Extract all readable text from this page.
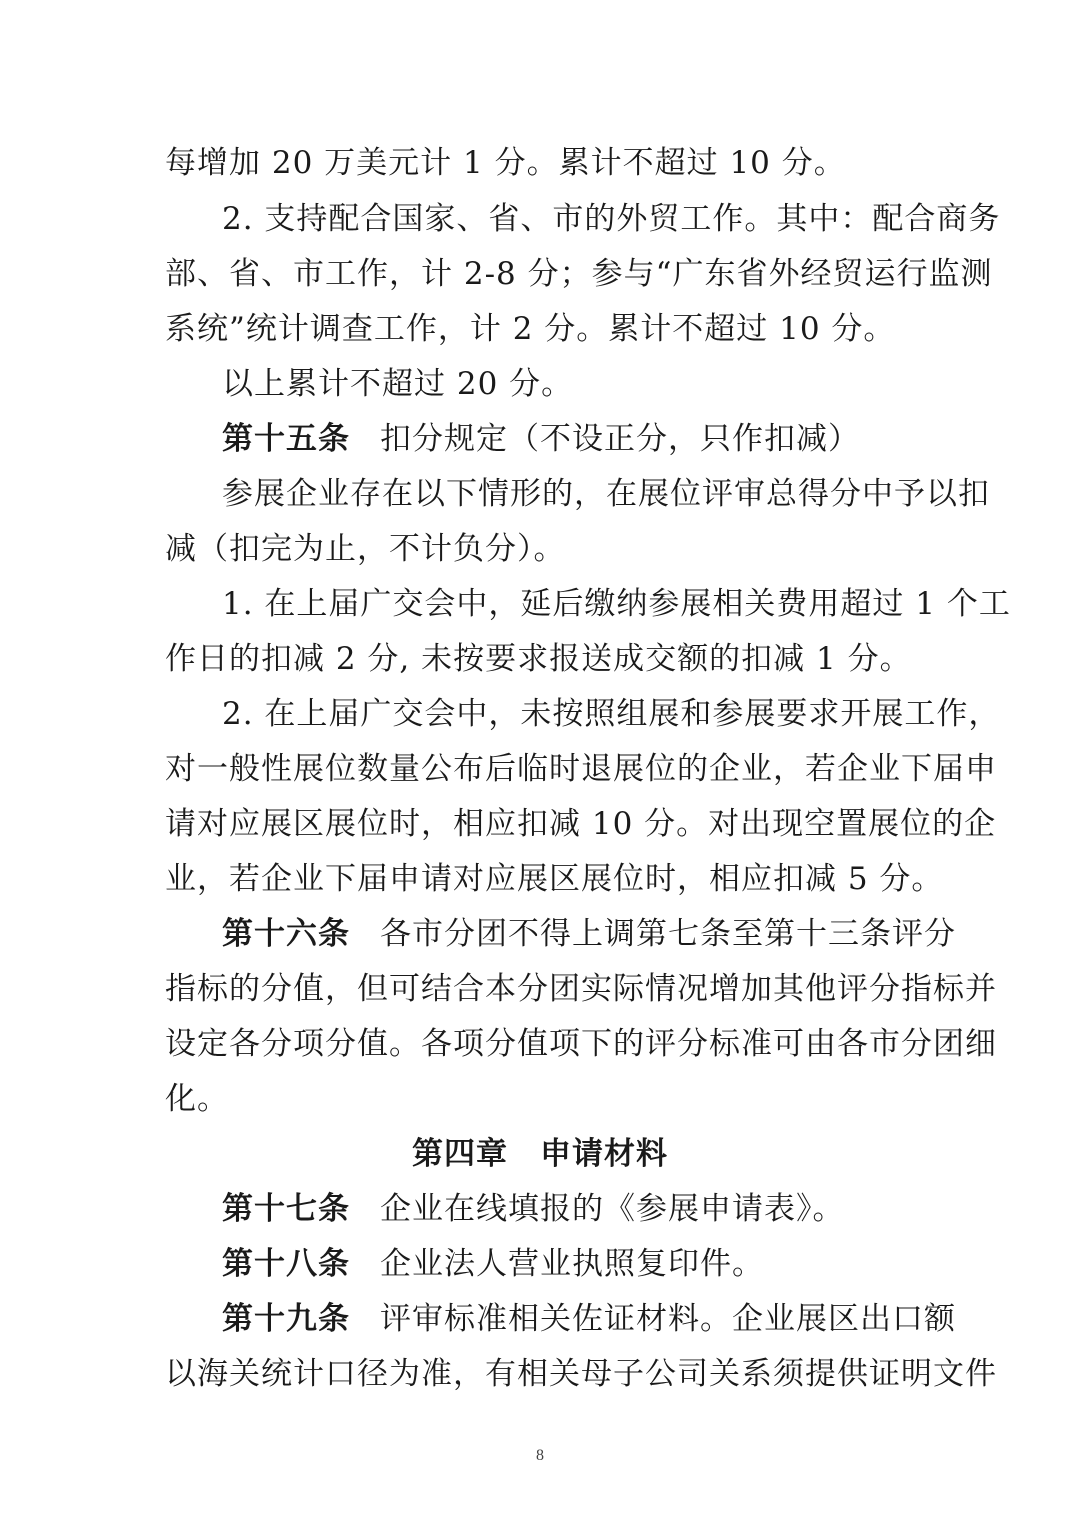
每增加 20 万美元计 1 分。累计不超过 10 分。
2. 支持配合国家、省、市的外贸工作。其中：配合商务
部、省、市工作，计 2-8 分；参与“广东省外经贸运行监测
系统”统计调查工作，计 2 分。累计不超过 10 分。
以上累计不超过 20 分。
第十五条 扣分规定（不设正分，只作扣减）
参展企业存在以下情形的，在展位评审总得分中予以扣
减（扣完为止，不计负分）。
1. 在上届广交会中，延后缴纳参展相关费用超过 1 个工
作日的扣减 2 分, 未按要求报送成交额的扣减 1 分。
2. 在上届广交会中，未按照组展和参展要求开展工作，
对一般性展位数量公布后临时退展位的企业，若企业下届申
请对应展区展位时，相应扣减 10 分。对出现空置展位的企
业，若企业下届申请对应展区展位时，相应扣减 5 分。
第十六条 各市分团不得上调第七条至第十三条评分
指标的分值，但可结合本分团实际情况增加其他评分指标并
设定各分项分值。各项分值项下的评分标准可由各市分团细
化。
第四章　申请材料
第十七条 企业在线填报的《参展申请表》。
第十八条 企业法人营业执照复印件。
第十九条 评审标准相关佐证材料。企业展区出口额
以海关统计口径为准，有相关母子公司关系须提供证明文件
8
